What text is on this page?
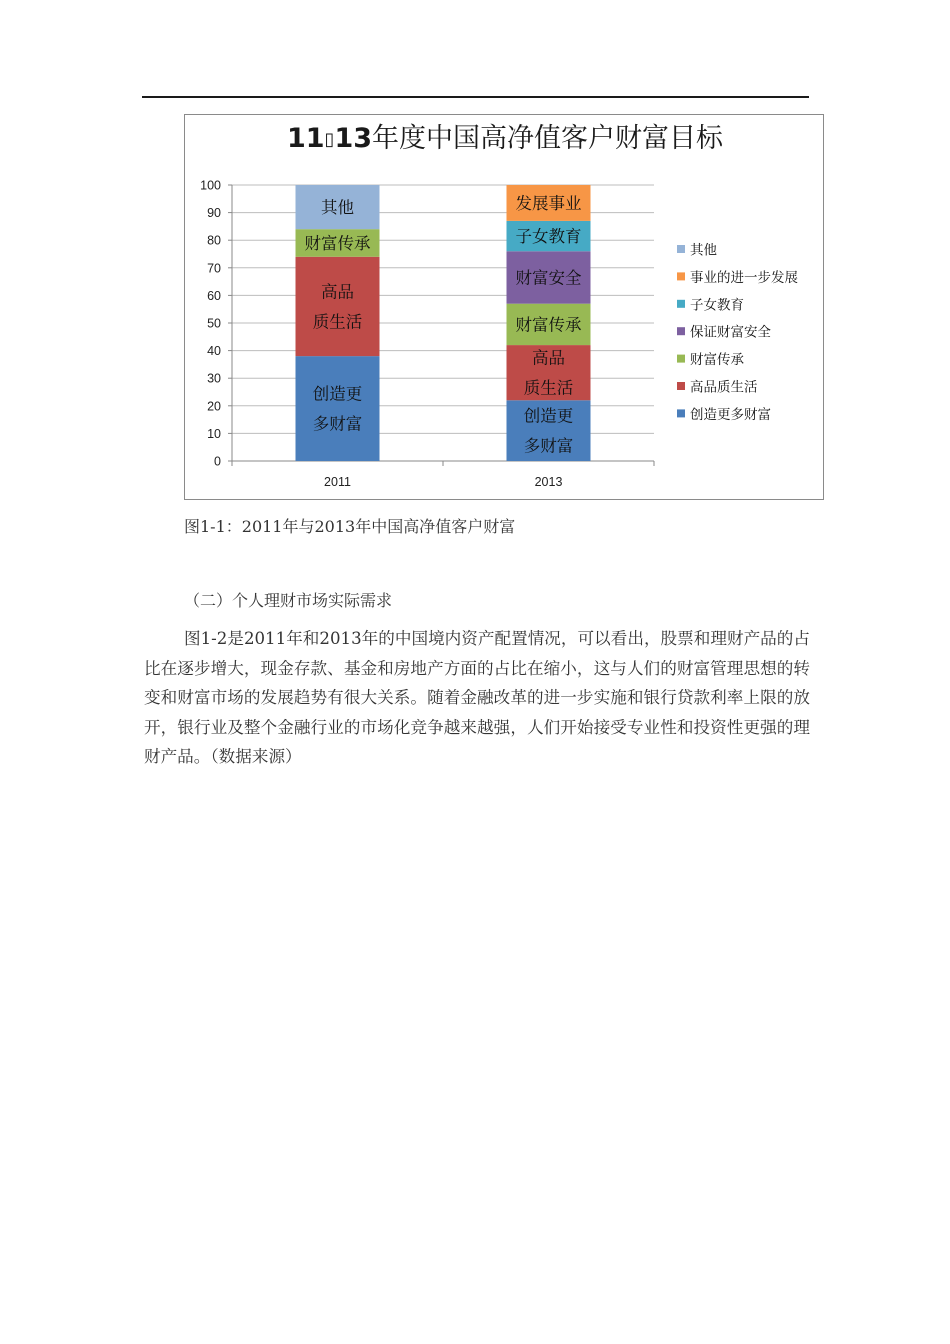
11▯13年度中国高净值客户财富目标
0
10
20
30
40
50
60
70
80
90
100
2011
创造更
多财富
高品
质生活
财富传承
其他
2013
创造更
多财富
高品
质生活
财富传承
财富安全
子女教育
发展事业
其他
事业的进一步发展
子女教育
保证财富安全
财富传承
高品质生活
创造更多财富
图1-1：2011年与2013年中国高净值客户财富
（二）个人理财市场实际需求

图1-2是2011年和2013年的中国境内资产配置情况，可以看出，股票和理财产品的占比在逐步增大，现金存款、基金和房地产方面的占比在缩小，这与人们的财富管理思想的转变和财富市场的发展趋势有很大关系。随着金融改革的进一步实施和银行贷款利率上限的放开，银行业及整个金融行业的市场化竞争越来越强，人们开始接受专业性和投资性更强的理财产品。（数据来源）
